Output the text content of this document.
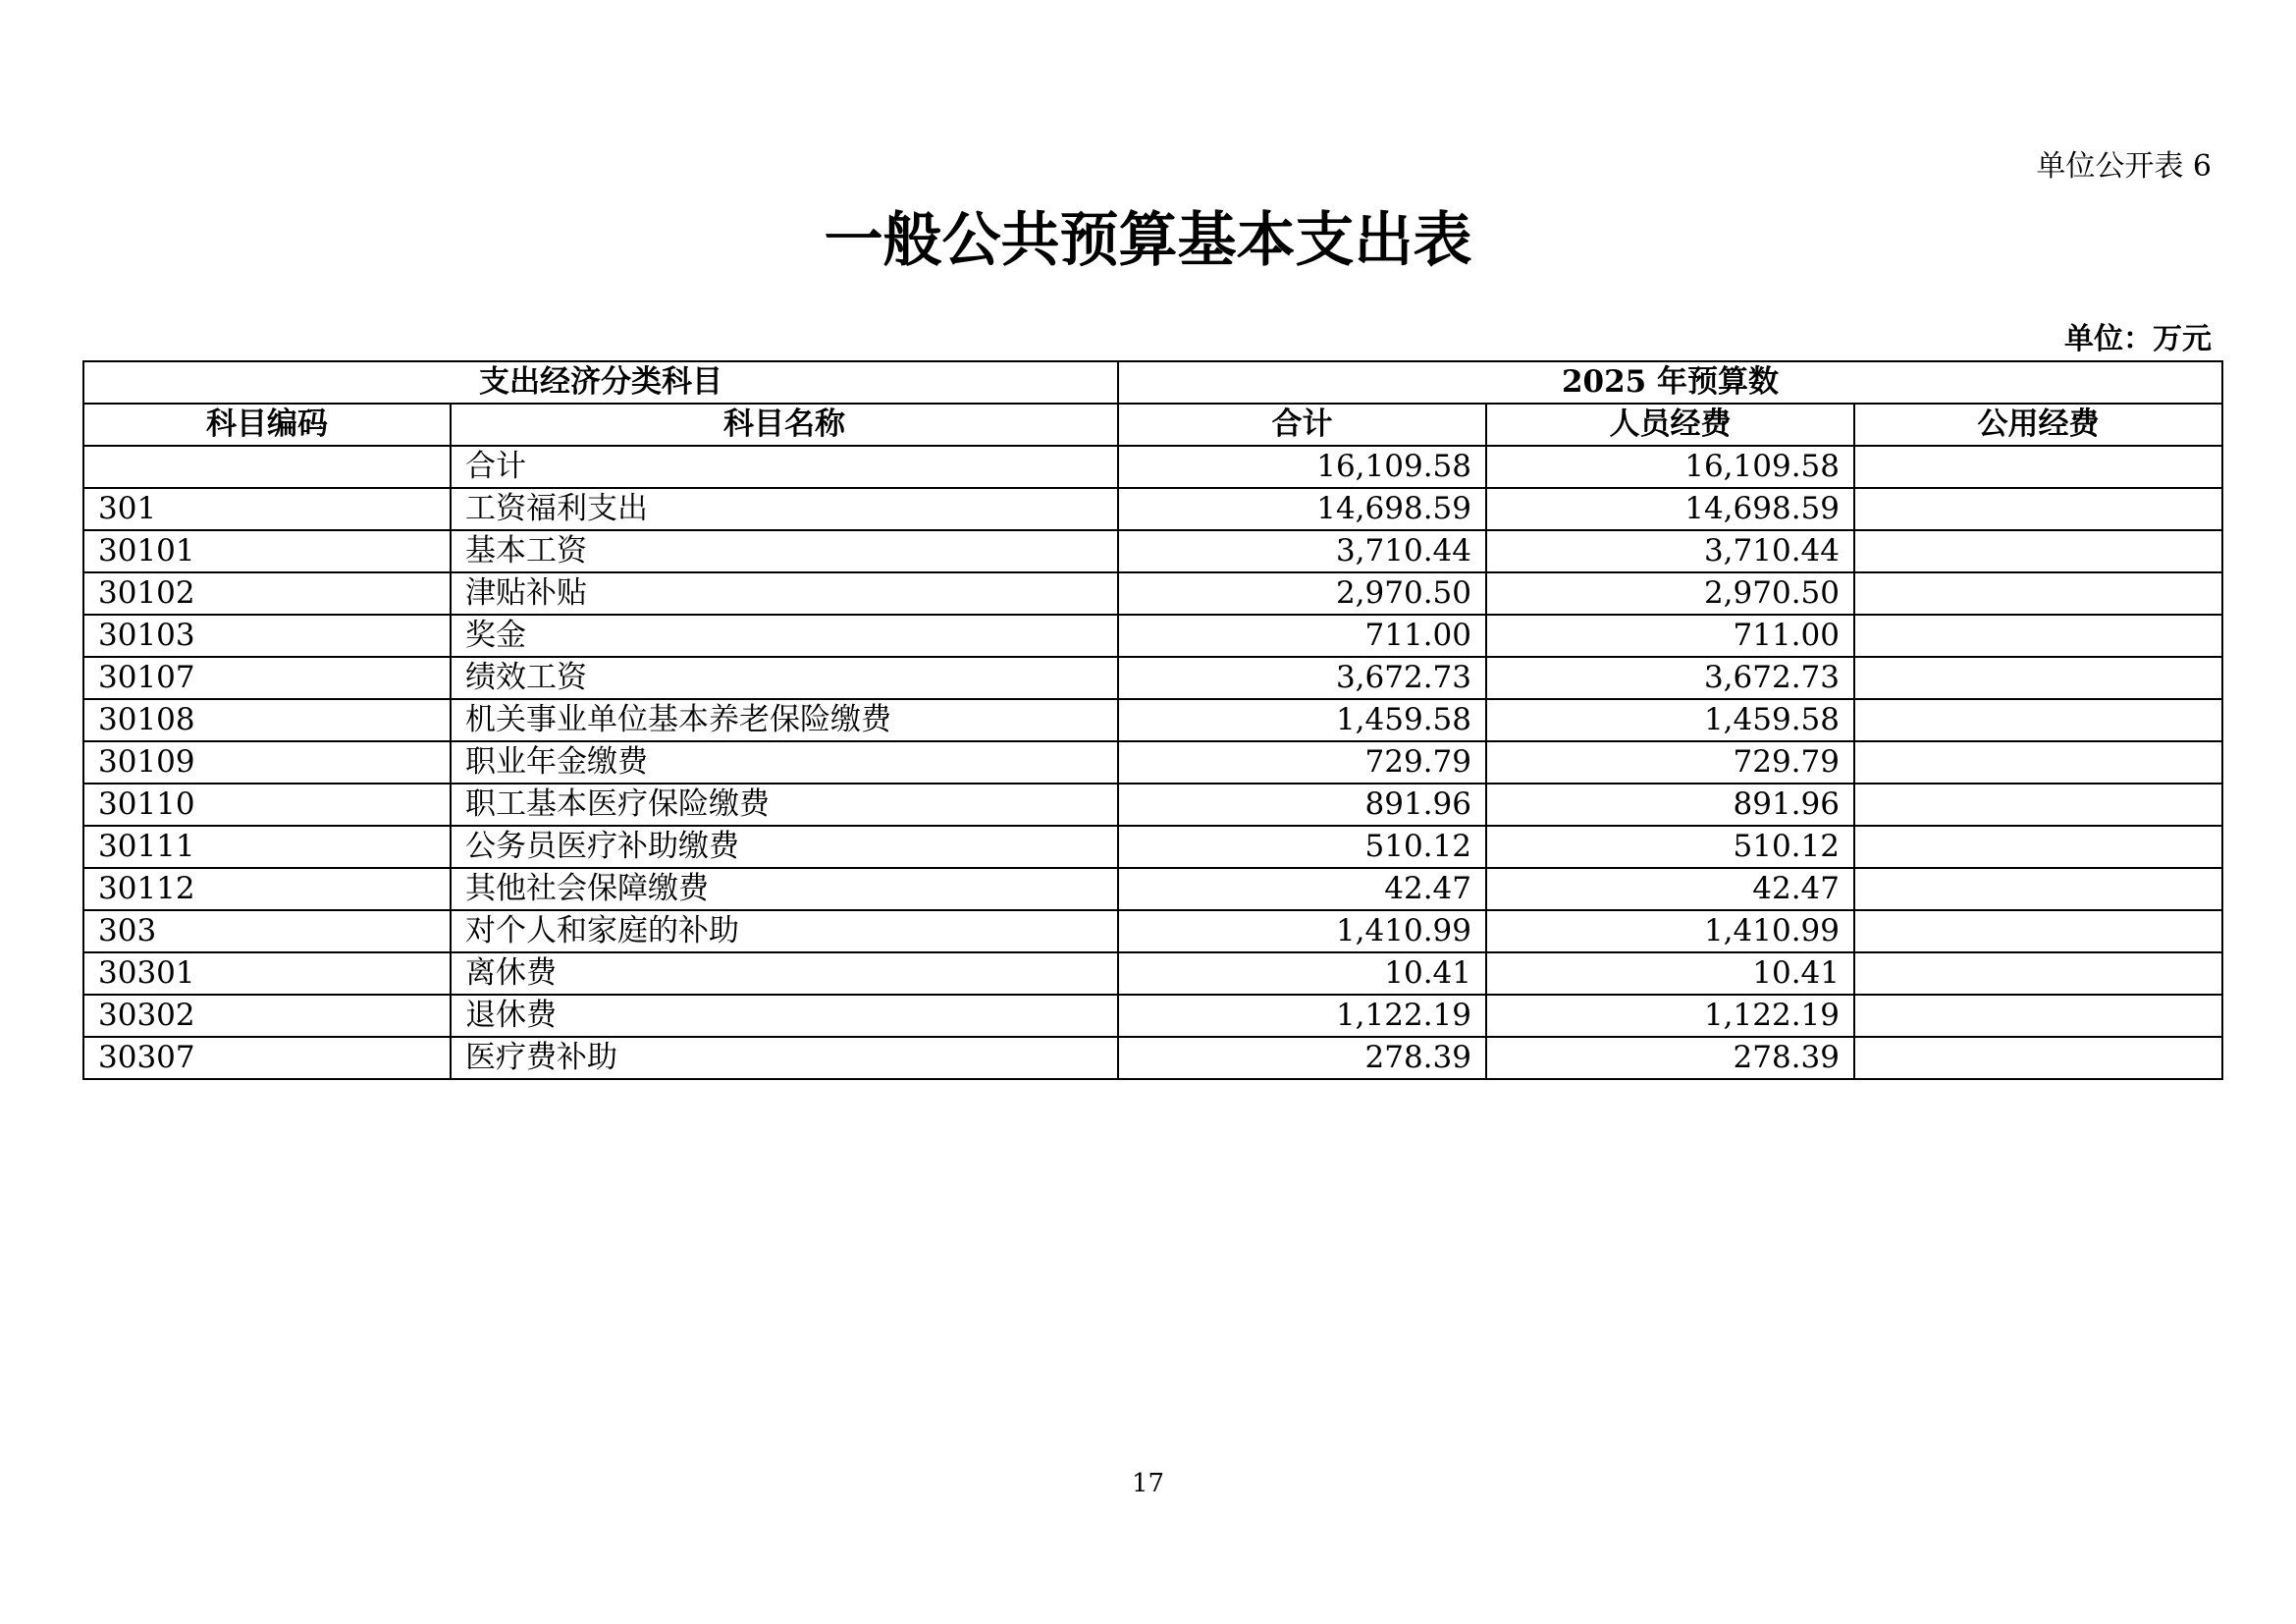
单位公开表 6
一般公共预算基本支出表
单位：万元
支出经济分类科目		2025 年预算数		
科目编码	科目名称	合计	人员经费	公用经费
	合计	16,109.58	16,109.58	
301	工资福利支出	14,698.59	14,698.59	
30101	基本工资	3,710.44	3,710.44	
30102	津贴补贴	2,970.50	2,970.50	
30103	奖金	711.00	711.00	
30107	绩效工资	3,672.73	3,672.73	
30108	机关事业单位基本养老保险缴费	1,459.58	1,459.58	
30109	职业年金缴费	729.79	729.79	
30110	职工基本医疗保险缴费	891.96	891.96	
30111	公务员医疗补助缴费	510.12	510.12	
30112	其他社会保障缴费	42.47	42.47	
303	对个人和家庭的补助	1,410.99	1,410.99	
30301	离休费	10.41	10.41	
30302	退休费	1,122.19	1,122.19	
30307	医疗费补助	278.39	278.39	
17
